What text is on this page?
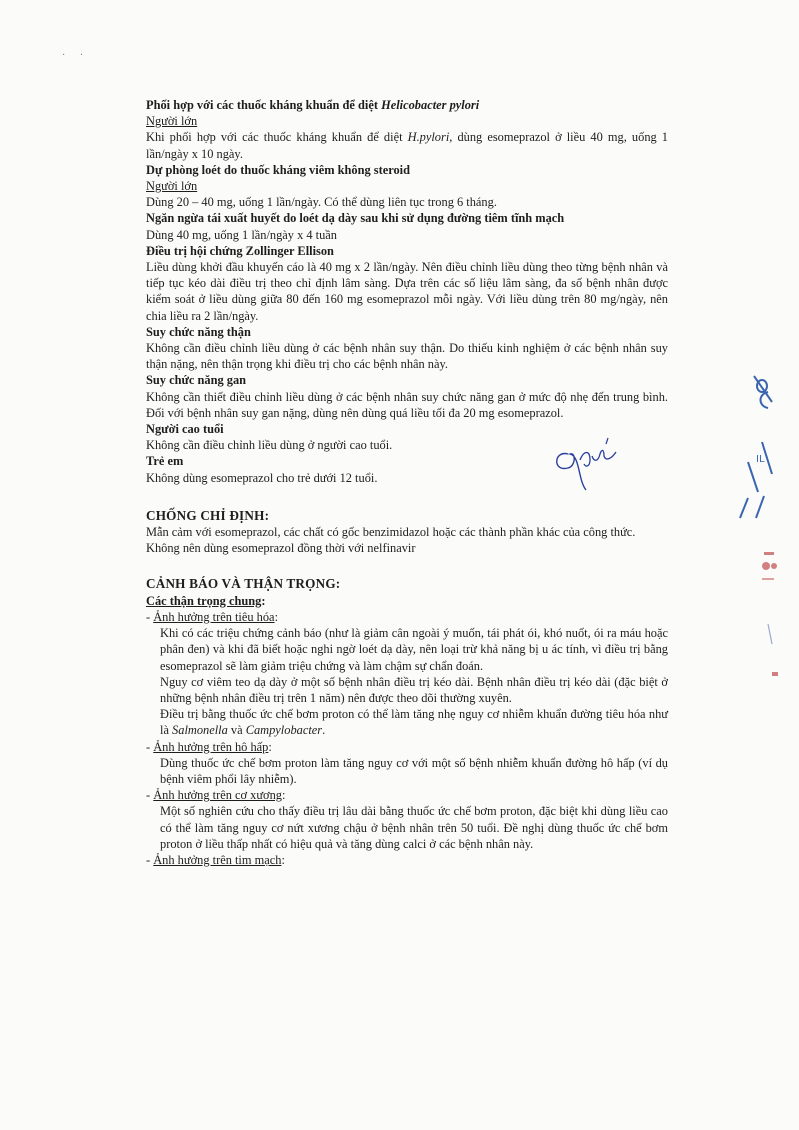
· ·

Phối hợp với các thuốc kháng khuẩn để diệt Helicobacter pylori

Người lớn

Khi phối hợp với các thuốc kháng khuẩn để diệt H.pylori, dùng esomeprazol ở liều 40 mg, uống 1 lần/ngày x 10 ngày.

Dự phòng loét do thuốc kháng viêm không steroid

Người lớn

Dùng 20 – 40 mg, uống 1 lần/ngày. Có thể dùng liên tục trong 6 tháng.

Ngăn ngừa tái xuất huyết do loét dạ dày sau khi sử dụng đường tiêm tĩnh mạch

Dùng 40 mg, uống 1 lần/ngày x 4 tuần

Điều trị hội chứng Zollinger Ellison

Liều dùng khởi đầu khuyến cáo là 40 mg x 2 lần/ngày. Nên điều chỉnh liều dùng theo từng bệnh nhân và tiếp tục kéo dài điều trị theo chỉ định lâm sàng. Dựa trên các số liệu lâm sàng, đa số bệnh nhân được kiểm soát ở liều dùng giữa 80 đến 160 mg esomeprazol mỗi ngày. Với liều dùng trên 80 mg/ngày, nên chia liều ra 2 lần/ngày.

Suy chức năng thận

Không cần điều chỉnh liều dùng ở các bệnh nhân suy thận. Do thiếu kinh nghiệm ở các bệnh nhân suy thận nặng, nên thận trọng khi điều trị cho các bệnh nhân này.

Suy chức năng gan

Không cần thiết điều chỉnh liều dùng ở các bệnh nhân suy chức năng gan ở mức độ nhẹ đến trung bình. Đối với bệnh nhân suy gan nặng, dùng nên dùng quá liều tối đa 20 mg esomeprazol.

Người cao tuổi

Không cần điều chỉnh liều dùng ở người cao tuổi.

Trẻ em

Không dùng esomeprazol cho trẻ dưới 12 tuổi.

CHỐNG CHỈ ĐỊNH:

Mẫn cảm với esomeprazol, các chất có gốc benzimidazol hoặc các thành phần khác của công thức.

Không nên dùng esomeprazol đồng thời với nelfinavir

CẢNH BÁO VÀ THẬN TRỌNG:

Các thận trọng chung:

- Ảnh hưởng trên tiêu hóa:

Khi có các triệu chứng cảnh báo (như là giảm cân ngoài ý muốn, tái phát ói, khó nuốt, ói ra máu hoặc phân đen) và khi đã biết hoặc nghi ngờ loét dạ dày, nên loại trừ khả năng bị u ác tính, vì điều trị bằng esomeprazol sẽ làm giảm triệu chứng và làm chậm sự chẩn đoán.

Nguy cơ viêm teo dạ dày ở một số bệnh nhân điều trị kéo dài. Bệnh nhân điều trị kéo dài (đặc biệt ở những bệnh nhân điều trị trên 1 năm) nên được theo dõi thường xuyên.

Điều trị bằng thuốc ức chế bơm proton có thể làm tăng nhẹ nguy cơ nhiễm khuẩn đường tiêu hóa như là Salmonella và Campylobacter.

- Ảnh hưởng trên hô hấp:

Dùng thuốc ức chế bơm proton làm tăng nguy cơ với một số bệnh nhiễm khuẩn đường hô hấp (ví dụ bệnh viêm phổi lây nhiễm).

- Ảnh hưởng trên cơ xương:

Một số nghiên cứu cho thấy điều trị lâu dài bằng thuốc ức chế bơm proton, đặc biệt khi dùng liều cao có thể làm tăng nguy cơ nứt xương chậu ở bệnh nhân trên 50 tuổi. Đề nghị dùng thuốc ức chế bơm proton ở liều thấp nhất có hiệu quả và tăng dùng calci ở các bệnh nhân này.

- Ảnh hưởng trên tim mạch:

IL
